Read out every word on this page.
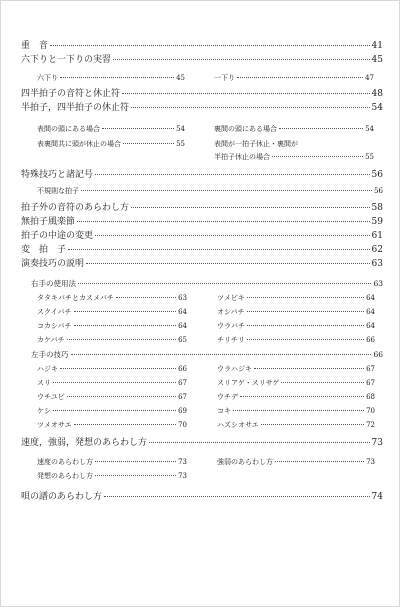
重　音	41
六下りと一下りの実習	45
六下り	45	一下り	47
四半拍子の音符と休止符	48
半拍子，四半拍子の休止符	54
表間の頭にある場合	54	裏間の頭にある場合	54
表裏間共に頭が休止の場合	55	表間が一拍子休止・裏間が
半拍子休止の場合	55
特殊技巧と諸記号	56
不規則な拍子	56
拍子外の音符のあらわし方	58
無拍子風楽節	59
拍子の中途の変更	61
変　拍　子	62
演奏技巧の説明	63
右手の使用法	63
タタキバチとカスメバチ	63	ツメビキ	64
スクイバチ	64	オシバチ	64
コカシバチ	64	ウラバチ	64
カケバチ	65	チリチリ	66
左手の技巧	66
ハジキ	66	ウラハジキ	67
スリ	67	スリアゲ・スリサゲ	67
ウチユビ	67	ウチデ	68
ケシ	69	コキ	70
ツメオサエ	70	ハズシオサエ	72
速度，強弱，発想のあらわし方	73
速度のあらわし方	73	強弱のあらわし方	73
発想のあらわし方	73
唄の譜のあらわし方	74
